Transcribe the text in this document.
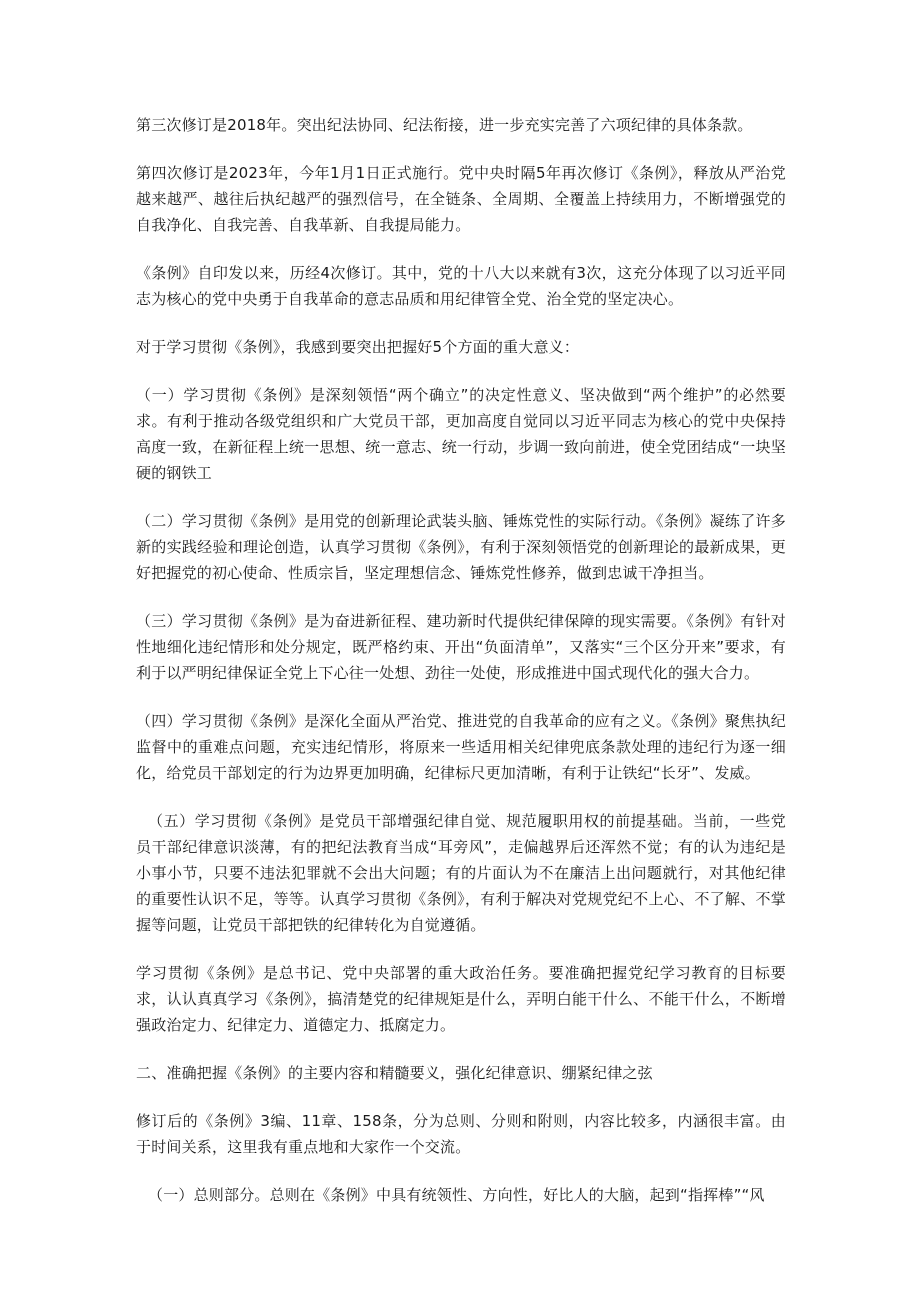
第三次修订是2018年。突出纪法协同、纪法衔接，进一步充实完善了六项纪律的具体条款。

第四次修订是2023年，今年1月1日正式施行。党中央时隔5年再次修订《条例》，释放从严治党越来越严、越往后执纪越严的强烈信号，在全链条、全周期、全覆盖上持续用力，不断增强党的自我净化、自我完善、自我革新、自我提局能力。

《条例》自印发以来，历经4次修订。其中，党的十八大以来就有3次，这充分体现了以习近平同志为核心的党中央勇于自我革命的意志品质和用纪律管全党、治全党的坚定决心。

对于学习贯彻《条例》，我感到要突出把握好5个方面的重大意义：

（一）学习贯彻《条例》是深刻领悟“两个确立”的决定性意义、坚决做到“两个维护”的必然要求。有利于推动各级党组织和广大党员干部，更加高度自觉同以习近平同志为核心的党中央保持高度一致，在新征程上统一思想、统一意志、统一行动，步调一致向前进，使全党团结成“一块坚硬的钢铁工

（二）学习贯彻《条例》是用党的创新理论武装头脑、锤炼党性的实际行动。《条例》凝练了许多新的实践经验和理论创造，认真学习贯彻《条例》，有利于深刻领悟党的创新理论的最新成果，更好把握党的初心使命、性质宗旨，坚定理想信念、锤炼党性修养，做到忠诚干净担当。

（三）学习贯彻《条例》是为奋进新征程、建功新时代提供纪律保障的现实需要。《条例》有针对性地细化违纪情形和处分规定，既严格约束、开出“负面清单”，又落实“三个区分开来”要求，有利于以严明纪律保证全党上下心往一处想、劲往一处使，形成推进中国式现代化的强大合力。

（四）学习贯彻《条例》是深化全面从严治党、推进党的自我革命的应有之义。《条例》聚焦执纪监督中的重难点问题，充实违纪情形，将原来一些适用相关纪律兜底条款处理的违纪行为逐一细化，给党员干部划定的行为边界更加明确，纪律标尺更加清晰，有利于让铁纪“长牙”、发威。

（五）学习贯彻《条例》是党员干部增强纪律自觉、规范履职用权的前提基础。当前，一些党员干部纪律意识淡薄，有的把纪法教育当成“耳旁风”，走偏越界后还浑然不觉；有的认为违纪是小事小节，只要不违法犯罪就不会出大问题；有的片面认为不在廉洁上出问题就行，对其他纪律的重要性认识不足，等等。认真学习贯彻《条例》，有利于解决对党规党纪不上心、不了解、不掌握等问题，让党员干部把铁的纪律转化为自觉遵循。

学习贯彻《条例》是总书记、党中央部署的重大政治任务。要准确把握党纪学习教育的目标要求，认认真真学习《条例》，搞清楚党的纪律规矩是什么，弄明白能干什么、不能干什么，不断增强政治定力、纪律定力、道德定力、抵腐定力。

二、准确把握《条例》的主要内容和精髓要义，强化纪律意识、绷紧纪律之弦

修订后的《条例》3编、11章、158条，分为总则、分则和附则，内容比较多，内涵很丰富。由于时间关系，这里我有重点地和大家作一个交流。

（一）总则部分。总则在《条例》中具有统领性、方向性，好比人的大脑，起到“指挥棒”“风
